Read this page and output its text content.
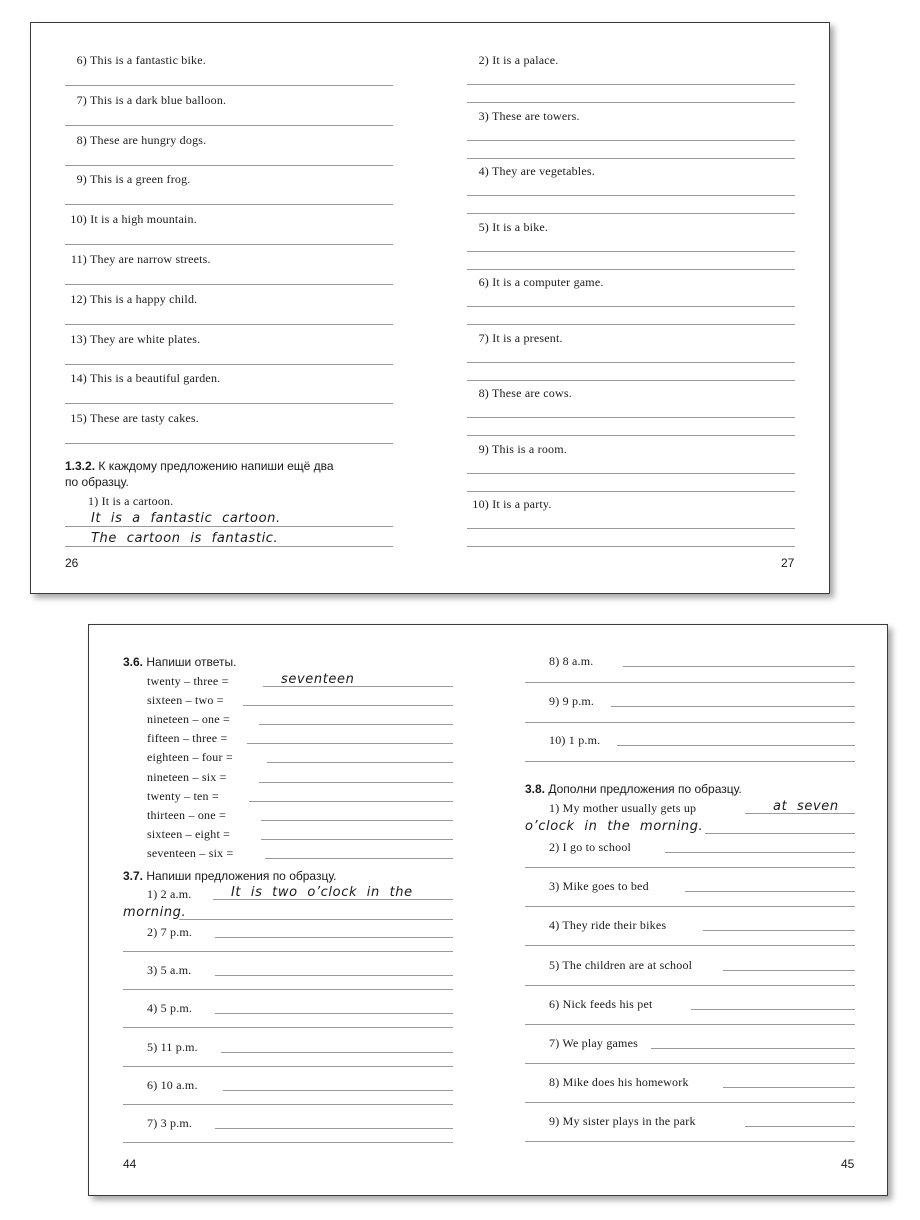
6) This is a fantastic bike.
7) This is a dark blue balloon.
8) These are hungry dogs.
9) This is a green frog.
10) It is a high mountain.
11) They are narrow streets.
12) This is a happy child.
13) They are white plates.
14) This is a beautiful garden.
15) These are tasty cakes.
2) It is a palace.
3) These are towers.
4) They are vegetables.
5) It is a bike.
6) It is a computer game.
7) It is a present.
8) These are cows.
9) This is a room.
10) It is a party.
1.3.2. К каждому предложению напиши ещё два
по образцу.
1) It is a cartoon.
It is a fantastic cartoon.
The cartoon is fantastic.
26	27
3.6. Напиши ответы.
twenty – three =	seventeen
sixteen – two =
nineteen – one =
fifteen – three =
eighteen – four =
nineteen – six =
twenty – ten =
thirteen – one =
sixteen – eight =
seventeen – six =
3.7. Напиши предложения по образцу.
1) 2 a.m.	It is two o’clock in the
morning.
2) 7 p.m.
3) 5 a.m.
4) 5 p.m.
5) 11 p.m.
6) 10 a.m.
7) 3 p.m.
8) 8 a.m.
9) 9 p.m.
10) 1 p.m.
3.8. Дополни предложения по образцу.
1) My mother usually gets up	at seven
o’clock in the morning.
2) I go to school
3) Mike goes to bed
4) They ride their bikes
5) The children are at school
6) Nick feeds his pet
7) We play games
8) Mike does his homework
9) My sister plays in the park
44	45
